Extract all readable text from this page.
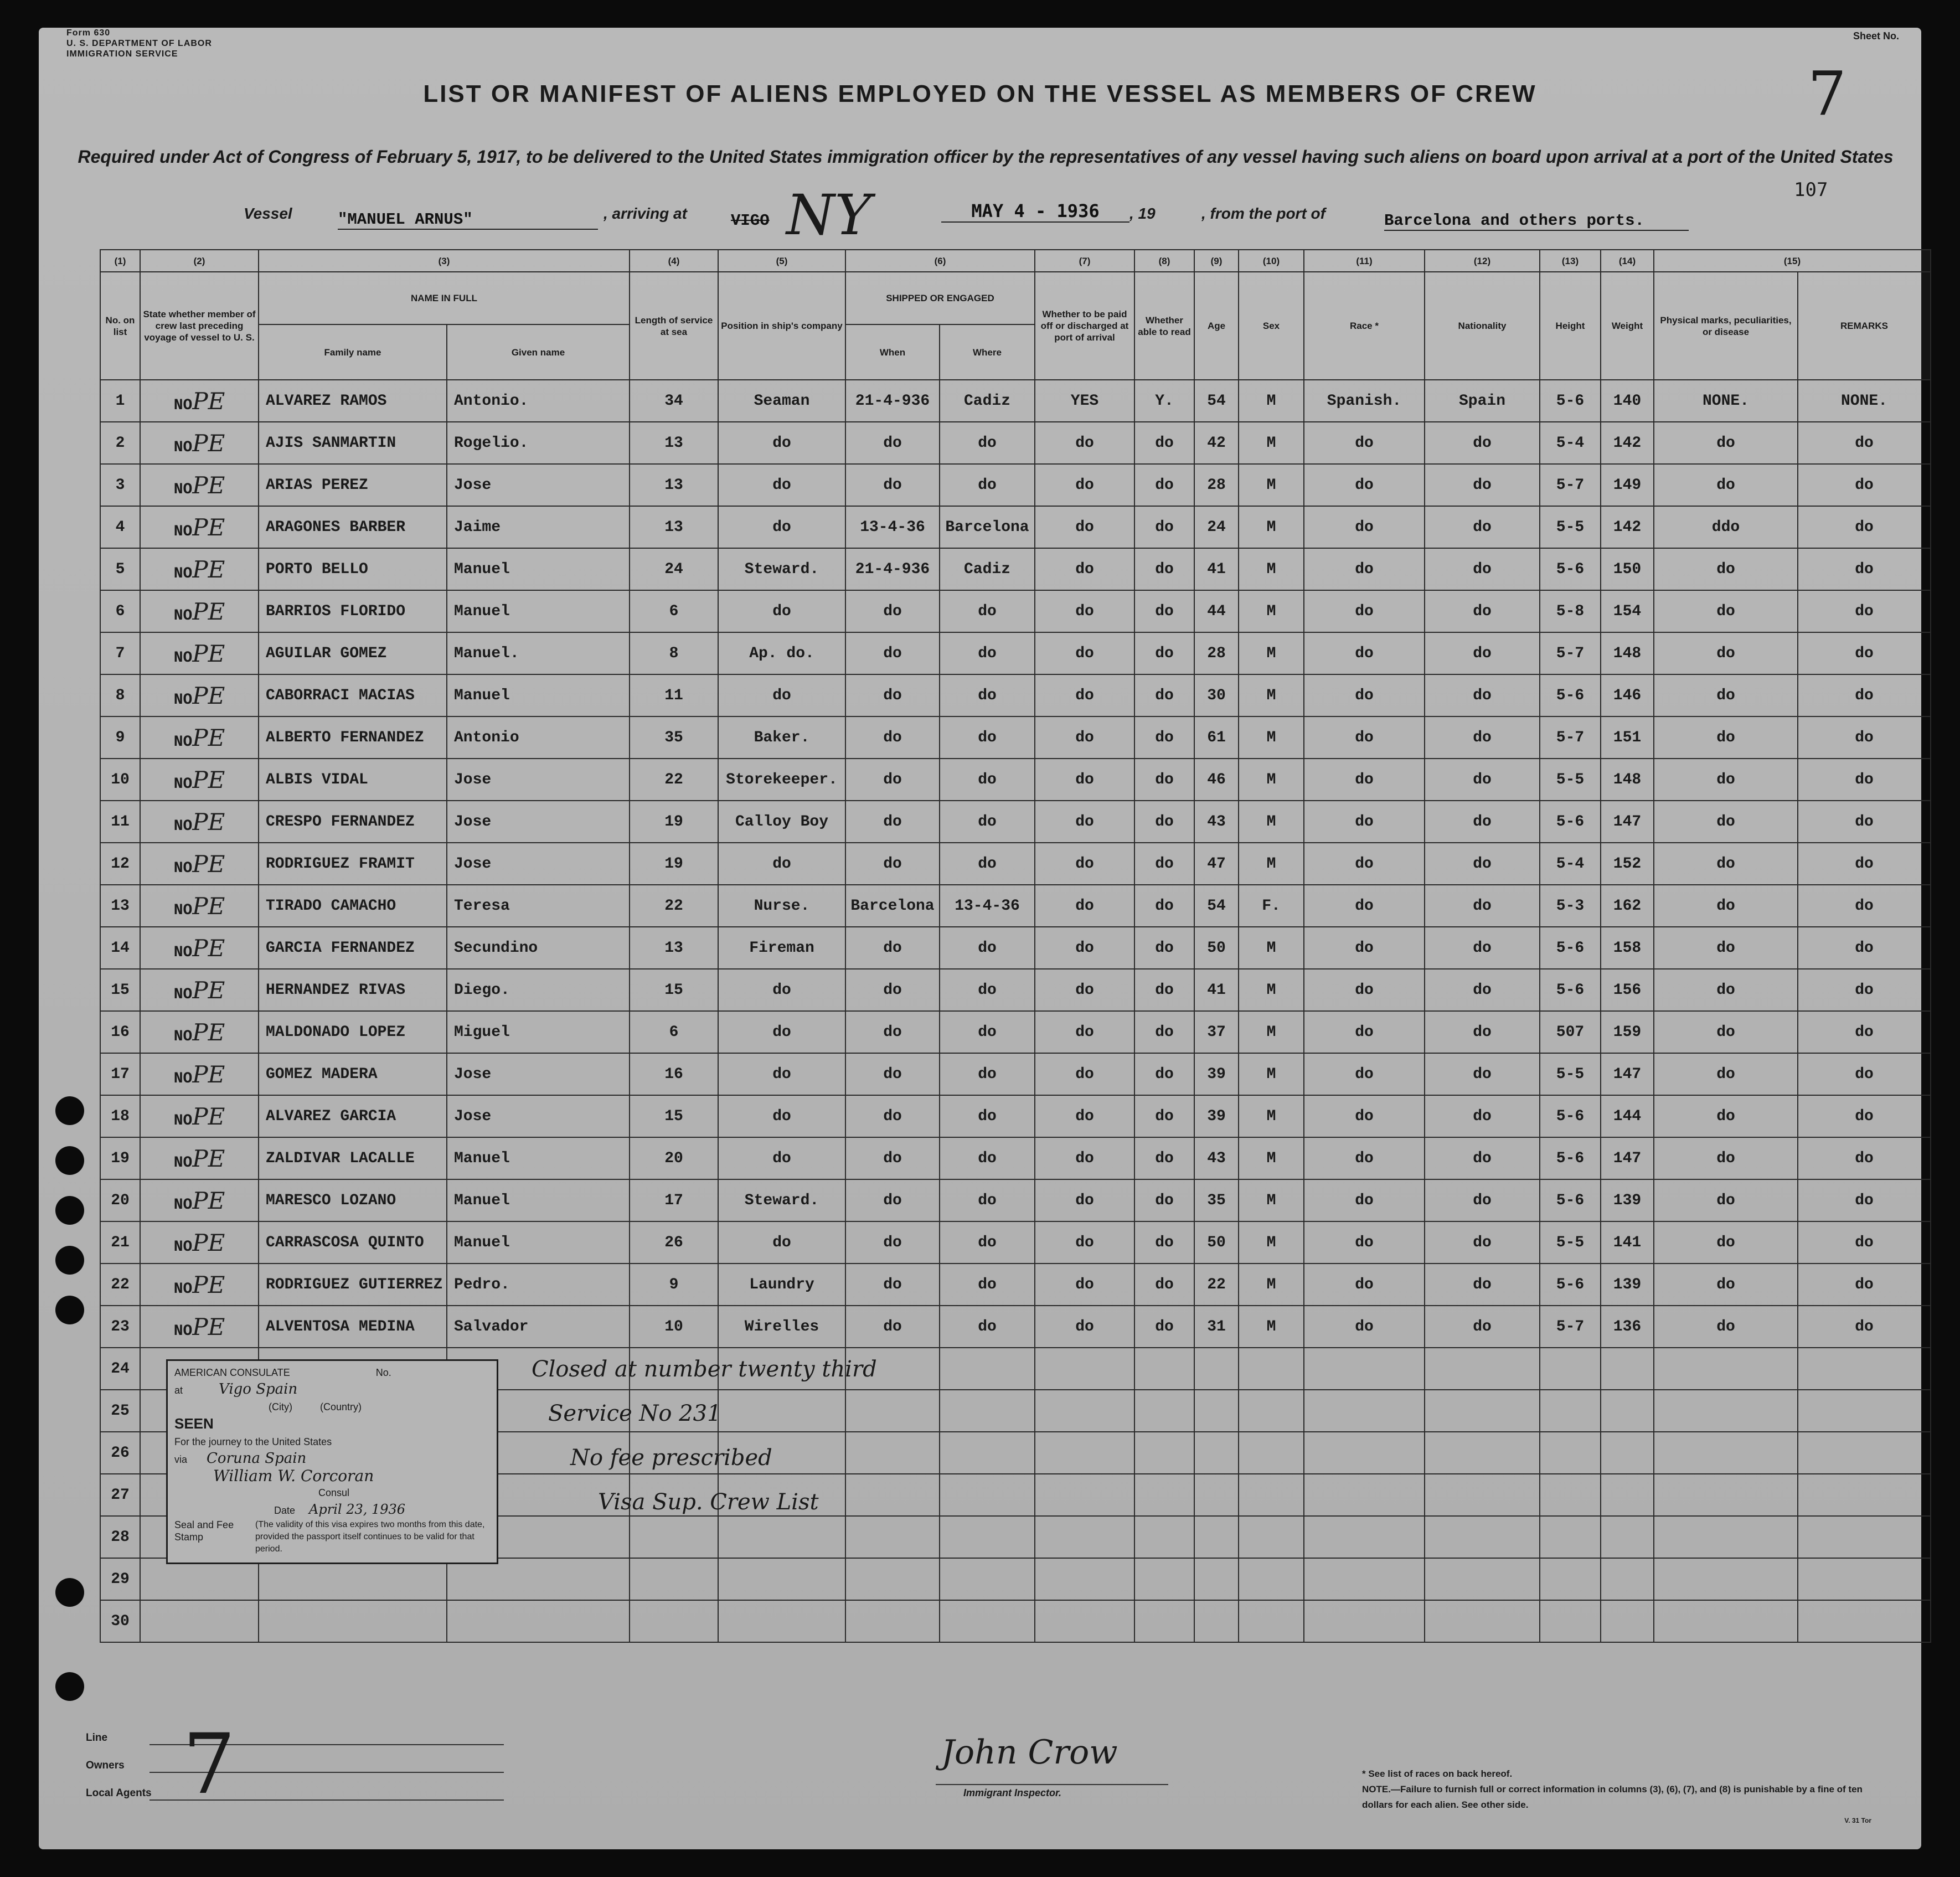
Form 630
U. S. DEPARTMENT OF LABOR
IMMIGRATION SERVICE
Sheet No.
7
LIST OR MANIFEST OF ALIENS EMPLOYED ON THE VESSEL AS MEMBERS OF CREW
Required under Act of Congress of February 5, 1917, to be delivered to the United States immigration officer by the representatives of any vessel having such aliens on board upon arrival at a port of the United States
107
Vessel	"MANUEL ARNUS"	, arriving at	VIGO NY	MAY 4 - 1936	, 19	, from the port of	Barcelona and others ports.
(1)	(2)	(3)		(4)	(5)	(6)		(7)	(8)	(9)	(10)	(11)	(12)	(13)	(14)	(15)	
No. on list	State whether member of crew last preceding voyage of vessel to U. S.	NAME IN FULL		Length of service at sea	Position in ship's company	SHIPPED OR ENGAGED		Whether to be paid off or discharged at port of arrival	Whether able to read	Age	Sex	Race *	Nationality	Height	Weight	Physical marks, peculiarities, or disease	REMARKS
		Family name	Given name			When	Where										
1	NOPE	ALVAREZ RAMOS	Antonio.	34	Seaman	21-4-936	Cadiz	YES	Y.	54	M	Spanish.	Spain	5-6	140	NONE.	NONE.
2	NOPE	AJIS SANMARTIN	Rogelio.	13	do	do	do	do	do	42	M	do	do	5-4	142	do	do
3	NOPE	ARIAS PEREZ	Jose	13	do	do	do	do	do	28	M	do	do	5-7	149	do	do
4	NOPE	ARAGONES BARBER	Jaime	13	do	13-4-36	Barcelona	do	do	24	M	do	do	5-5	142	ddo	do
5	NOPE	PORTO BELLO	Manuel	24	Steward.	21-4-936	Cadiz	do	do	41	M	do	do	5-6	150	do	do
6	NOPE	BARRIOS FLORIDO	Manuel	6	do	do	do	do	do	44	M	do	do	5-8	154	do	do
7	NOPE	AGUILAR GOMEZ	Manuel.	8	Ap. do.	do	do	do	do	28	M	do	do	5-7	148	do	do
8	NOPE	CABORRACI MACIAS	Manuel	11	do	do	do	do	do	30	M	do	do	5-6	146	do	do
9	NOPE	ALBERTO FERNANDEZ	Antonio	35	Baker.	do	do	do	do	61	M	do	do	5-7	151	do	do
10	NOPE	ALBIS VIDAL	Jose	22	Storekeeper.	do	do	do	do	46	M	do	do	5-5	148	do	do
11	NOPE	CRESPO FERNANDEZ	Jose	19	Calloy Boy	do	do	do	do	43	M	do	do	5-6	147	do	do
12	NOPE	RODRIGUEZ FRAMIT	Jose	19	do	do	do	do	do	47	M	do	do	5-4	152	do	do
13	NOPE	TIRADO CAMACHO	Teresa	22	Nurse.	Barcelona	13-4-36	do	do	54	F.	do	do	5-3	162	do	do
14	NOPE	GARCIA FERNANDEZ	Secundino	13	Fireman	do	do	do	do	50	M	do	do	5-6	158	do	do
15	NOPE	HERNANDEZ RIVAS	Diego.	15	do	do	do	do	do	41	M	do	do	5-6	156	do	do
16	NOPE	MALDONADO LOPEZ	Miguel	6	do	do	do	do	do	37	M	do	do	507	159	do	do
17	NOPE	GOMEZ MADERA	Jose	16	do	do	do	do	do	39	M	do	do	5-5	147	do	do
18	NOPE	ALVAREZ GARCIA	Jose	15	do	do	do	do	do	39	M	do	do	5-6	144	do	do
19	NOPE	ZALDIVAR LACALLE	Manuel	20	do	do	do	do	do	43	M	do	do	5-6	147	do	do
20	NOPE	MARESCO LOZANO	Manuel	17	Steward.	do	do	do	do	35	M	do	do	5-6	139	do	do
21	NOPE	CARRASCOSA QUINTO	Manuel	26	do	do	do	do	do	50	M	do	do	5-5	141	do	do
22	NOPE	RODRIGUEZ GUTIERREZ	Pedro.	9	Laundry	do	do	do	do	22	M	do	do	5-6	139	do	do
23	NOPE	ALVENTOSA MEDINA	Salvador	10	Wirelles	do	do	do	do	31	M	do	do	5-7	136	do	do
24																	
25																	
26																	
27																	
28																	
29																	
30																	
AMERICAN CONSULATE	No.
at	Vigo Spain
(City)          (Country)
SEEN
For the journey to the United States
via Coruna Spain
William W. Corcoran
Consul
Date April 23, 1936
Seal and Fee Stamp
(The validity of this visa expires two months from this date, provided the passport itself continues to be valid for that period.
Closed at number twenty third
Service No 231
No fee prescribed
Visa Sup. Crew List
Line
Owners
Local Agents 7	John Crow
Immigrant Inspector.
* See list of races on back hereof.
NOTE.—Failure to furnish full or correct information in columns (3), (6), (7), and (8) is punishable by a fine of ten dollars for each alien. See other side.
V. 31 Tor
